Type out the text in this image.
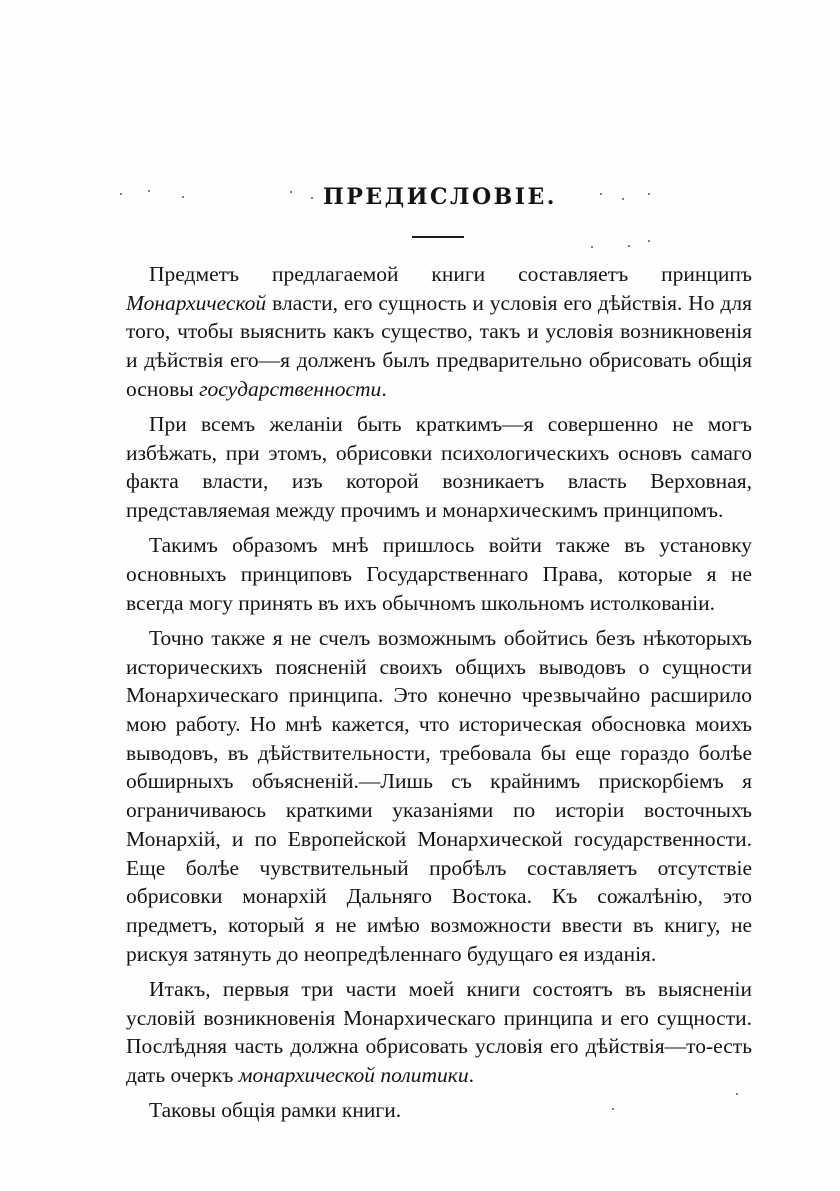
ПРЕДИСЛОВІЕ.

Предметъ предлагаемой книги составляетъ принципъ Монархической власти, его сущность и условія его дѣйствія. Но для того, чтобы выяснить какъ существо, такъ и условія возникновенія и дѣйствія его—я долженъ былъ предварительно обрисовать общія основы государственности.

При всемъ желаніи быть краткимъ—я совершенно не могъ избѣжать, при этомъ, обрисовки психологическихъ основъ самаго факта власти, изъ которой возникаетъ власть Верховная, представляемая между прочимъ и монархическимъ принципомъ.

Такимъ образомъ мнѣ пришлось войти также въ установку основныхъ принциповъ Государственнаго Права, которые я не всегда могу принять въ ихъ обычномъ школьномъ истолкованіи.

Точно также я не счелъ возможнымъ обойтись безъ нѣкоторыхъ историческихъ поясненій своихъ общихъ выводовъ о сущности Монархическаго принципа. Это конечно чрезвычайно расширило мою работу. Но мнѣ кажется, что историческая обосновка моихъ выводовъ, въ дѣйствительности, требовала бы еще гораздо болѣе обширныхъ объясненій.—Лишь съ крайнимъ прискорбіемъ я ограничиваюсь краткими указаніями по исторіи восточныхъ Монархій, и по Европейской Монархической государственности. Еще болѣе чувствительный пробѣлъ составляетъ отсутствіе обрисовки монархій Дальняго Востока. Къ сожалѣнію, это предметъ, который я не имѣю возможности ввести въ книгу, не рискуя затянуть до неопредѣленнаго будущаго ея изданія.

Итакъ, первыя три части моей книги состоятъ въ выясненіи условій возникновенія Монархическаго принципа и его сущности. Послѣдняя часть должна обрисовать условія его дѣйствія—то-есть дать очеркъ монархической политики.

Таковы общія рамки книги.
